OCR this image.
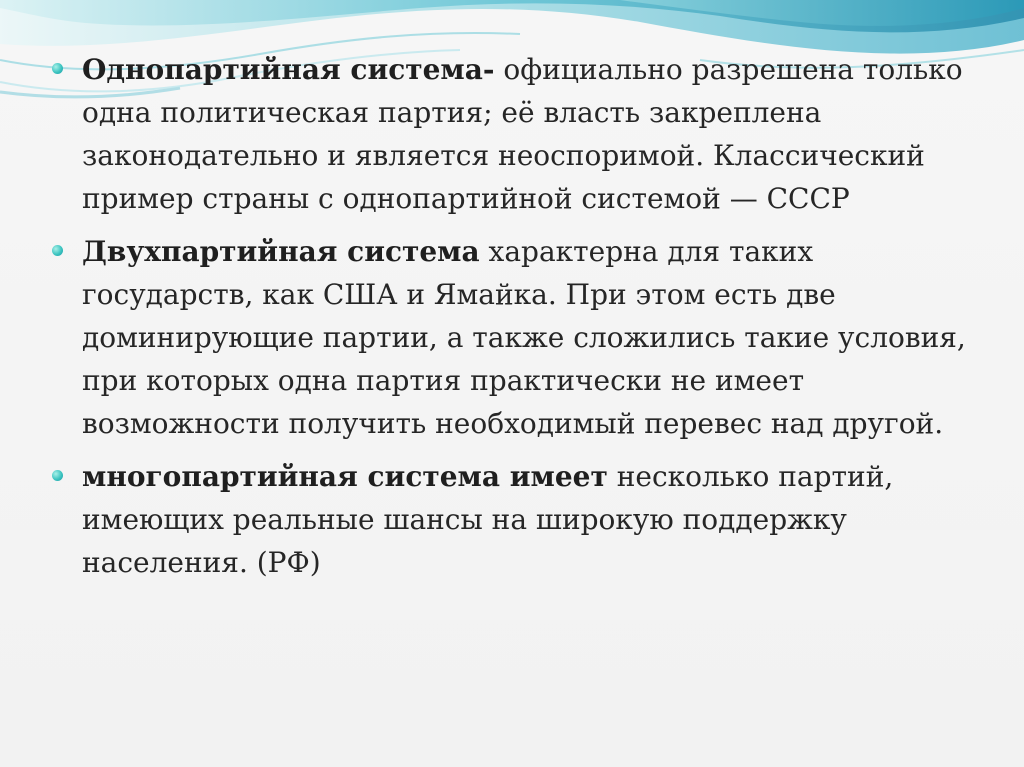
Однопартийная система- официально разрешена только одна политическая партия; её власть закреплена законодательно и является неоспоримой. Классический пример страны с однопартийной системой — СССР
Двухпартийная система характерна для таких государств, как США и Ямайка. При этом есть две доминирующие партии, а также сложились такие условия, при которых одна партия практически не имеет возможности получить необходимый перевес над другой.
многопартийная система имеет несколько партий, имеющих реальные шансы на широкую поддержку населения. (РФ)
